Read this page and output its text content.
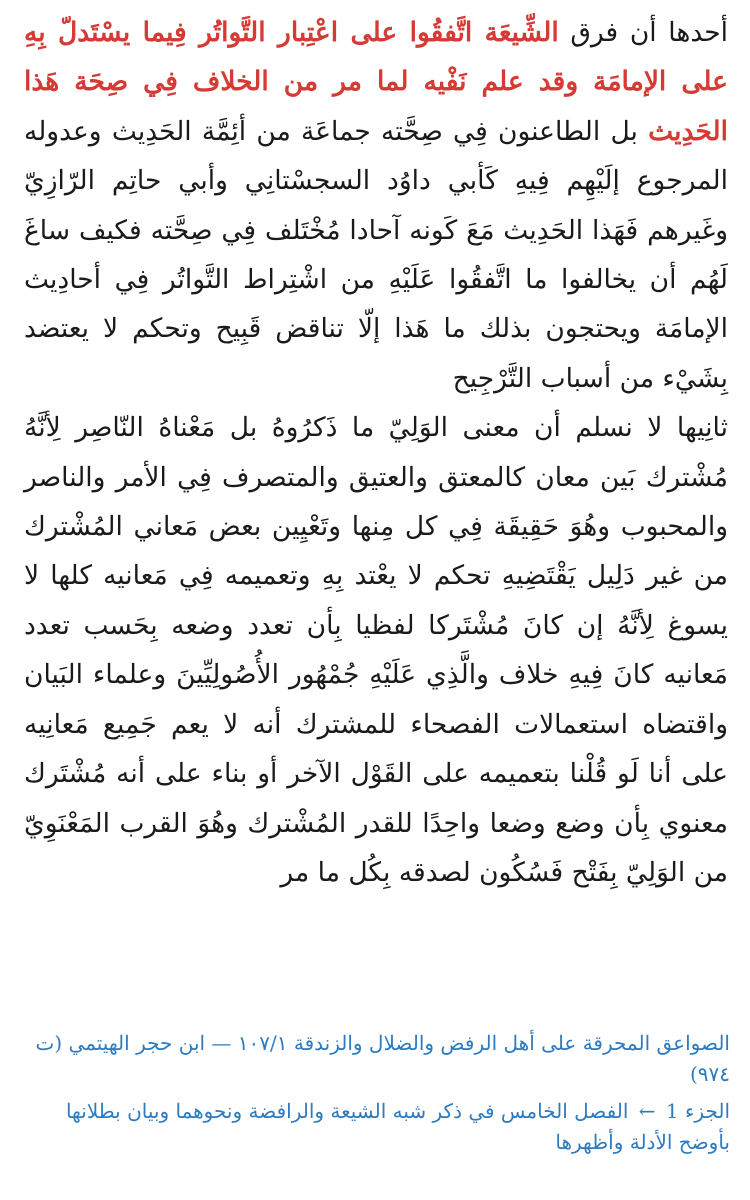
أحدها أن فرق الشِّيعَة اتَّفقُوا على اعْتِبار التَّواتُر فِيما يسْتَدلّ بِهِ على الإمامَة وقد علم نَفْيه لما مر من الخلاف فِي صِحَة هَذا الحَدِيث بل الطاعنون فِي صِحَّته جماعَة من أئِمَّة الحَدِيث وعدوله المرجوع إلَيْهِم فِيهِ كَأبي داوُد السجسْتانِي وأبي حاتِم الرّازِيّ وغَيرهم فَهَذا الحَدِيث مَعَ كَونه آحادا مُخْتَلف فِي صِحَّته فكيف ساغَ لَهُم أن يخالفوا ما اتَّفقُوا عَلَيْهِ من اشْتِراط التَّواتُر فِي أحادِيث الإمامَة ويحتجون بذلك ما هَذا إلّا تناقض قَبِيح وتحكم لا يعتضد بِشَيْء من أسباب التَّرْجِيح

ثانِيها لا نسلم أن معنى الوَلِيّ ما ذَكرُوهُ بل مَعْناهُ النّاصِر لِأنَّهُ مُشْترك بَين معان كالمعتق والعتيق والمتصرف فِي الأمر والناصر والمحبوب وهُوَ حَقِيقَة فِي كل مِنها وتَعْيِين بعض مَعاني المُشْترك من غير دَلِيل يَقْتَضِيهِ تحكم لا يعْتد بِهِ وتعميمه فِي مَعانيه كلها لا يسوغ لِأنَّهُ إن كانَ مُشْتَركا لفظيا بِأن تعدد وضعه بِحَسب تعدد مَعانيه كانَ فِيهِ خلاف والَّذِي عَلَيْهِ جُمْهُور الأُصُولِيِّينَ وعلماء البَيان واقتضاه استعمالات الفصحاء للمشترك أنه لا يعم جَمِيع مَعانِيه على أنا لَو قُلْنا بتعميمه على القَوْل الآخر أو بناء على أنه مُشْتَرك معنوي بِأن وضع وضعا واحِدًا للقدر المُشْترك وهُوَ القرب المَعْنَوِيّ من الوَلِيّ بِفَتْح فَسُكُون لصدقه بِكُل ما مر

الصواعق المحرقة على أهل الرفض والضلال والزندقة ١٠٧/١ — ابن حجر الهيتمي (ت ٩٧٤)

الجزء 1 ← الفصل الخامس في ذكر شبه الشيعة والرافضة ونحوهما وبيان بطلانها بأوضح الأدلة وأظهرها
